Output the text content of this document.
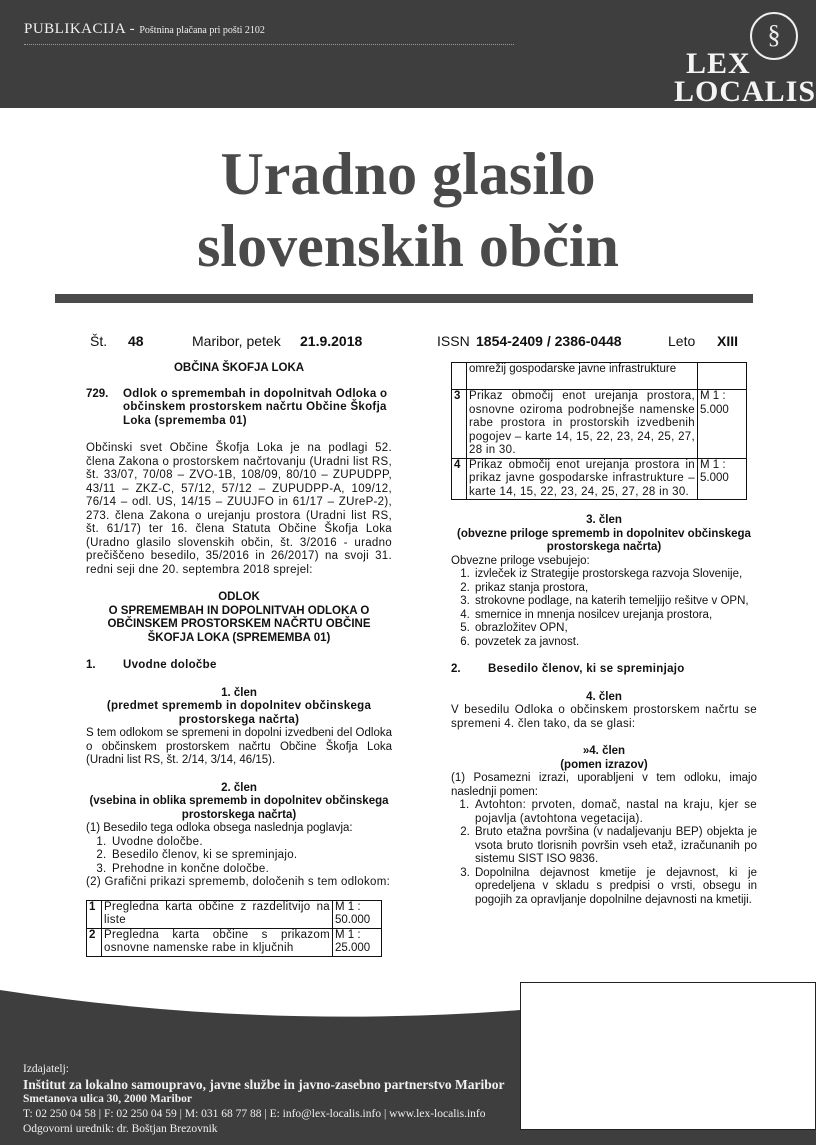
PUBLIKACIJA - Poštnina plačana pri pošti 2102	§
LEX
LOCALIS
Uradno glasilo
slovenskih občin
Št. 48	Maribor, petek 21.9.2018	ISSN 1854-2409 / 2386-0448	Leto XIII

OBČINA ŠKOFJA LOKA

729.	Odlok o spremembah in dopolnitvah Odloka o občinskem prostorskem načrtu Občine Škofja Loka (sprememba 01)

Občinski svet Občine Škofja Loka je na podlagi 52. člena Zakona o prostorskem načrtovanju (Uradni list RS, št. 33/07, 70/08 – ZVO-1B, 108/09, 80/10 – ZUPUDPP, 43/11 – ZKZ-C, 57/12, 57/12 – ZUPUDPP-A, 109/12, 76/14 – odl. US, 14/15 – ZUUJFO in 61/17 – ZUreP-2), 273. člena Zakona o urejanju prostora (Uradni list RS, št. 61/17) ter 16. člena Statuta Občine Škofja Loka (Uradno glasilo slovenskih občin, št. 3/2016 - uradno prečiščeno besedilo, 35/2016 in 26/2017) na svoji 31. redni seji dne 20. septembra 2018 sprejel:

ODLOK

O SPREMEMBAH IN DOPOLNITVAH ODLOKA O OBČINSKEM PROSTORSKEM NAČRTU OBČINE ŠKOFJA LOKA (SPREMEMBA 01)

1.	Uvodne določbe

1. člen

(predmet sprememb in dopolnitev občinskega prostorskega načrta)

S tem odlokom se spremeni in dopolni izvedbeni del Odloka o občinskem prostorskem načrtu Občine Škofja Loka (Uradni list RS, št. 2/14, 3/14, 46/15).

2. člen

(vsebina in oblika sprememb in dopolnitev občinskega prostorskega načrta)

(1) Besedilo tega odloka obsega naslednja poglavja:

1. Uvodne določbe.
2. Besedilo členov, ki se spreminjajo.
3. Prehodne in končne določbe.

(2) Grafični prikazi sprememb, določenih s tem odlokom:

1	Pregledna karta občine z razdelitvijo na liste	M 1 : 50.000
2	Pregledna karta občine s prikazom osnovne namenske rabe in ključnih	M 1 : 25.000
	omrežij gospodarske javne infrastrukture	
3	Prikaz območij enot urejanja prostora, osnovne oziroma podrobnejše namenske rabe prostora in prostorskih izvedbenih pogojev – karte 14, 15, 22, 23, 24, 25, 27, 28 in 30.	M 1 : 5.000
4	Prikaz območij enot urejanja prostora in prikaz javne gospodarske infrastrukture – karte 14, 15, 22, 23, 24, 25, 27, 28 in 30.	M 1 : 5.000

3. člen

(obvezne priloge sprememb in dopolnitev občinskega prostorskega načrta)

Obvezne priloge vsebujejo:

1. izvleček iz Strategije prostorskega razvoja Slovenije,
2. prikaz stanja prostora,
3. strokovne podlage, na katerih temeljijo rešitve v OPN,
4. smernice in mnenja nosilcev urejanja prostora,
5. obrazložitev OPN,
6. povzetek za javnost.
2.	Besedilo členov, ki se spreminjajo

4. člen

V besedilu Odloka o občinskem prostorskem načrtu se spremeni 4. člen tako, da se glasi:

»4. člen

(pomen izrazov)

(1) Posamezni izrazi, uporabljeni v tem odloku, imajo naslednji pomen:

1. Avtohton: prvoten, domač, nastal na kraju, kjer se pojavlja (avtohtona vegetacija).
2. Bruto etažna površina (v nadaljevanju BEP) objekta je vsota bruto tlorisnih površin vseh etaž, izračunanih po sistemu SIST ISO 9836.
3. Dopolnilna dejavnost kmetije je dejavnost, ki je opredeljena v skladu s predpisi o vrsti, obsegu in pogojih za opravljanje dopolnilne dejavnosti na kmetiji.
Izdajatelj:
Inštitut za lokalno samoupravo, javne službe in javno-zasebno partnerstvo Maribor
Smetanova ulica 30, 2000 Maribor
T: 02 250 04 58 | F: 02 250 04 59 | M: 031 68 77 88 | E: info@lex-localis.info | www.lex-localis.info
Odgovorni urednik: dr. Boštjan Brezovnik
